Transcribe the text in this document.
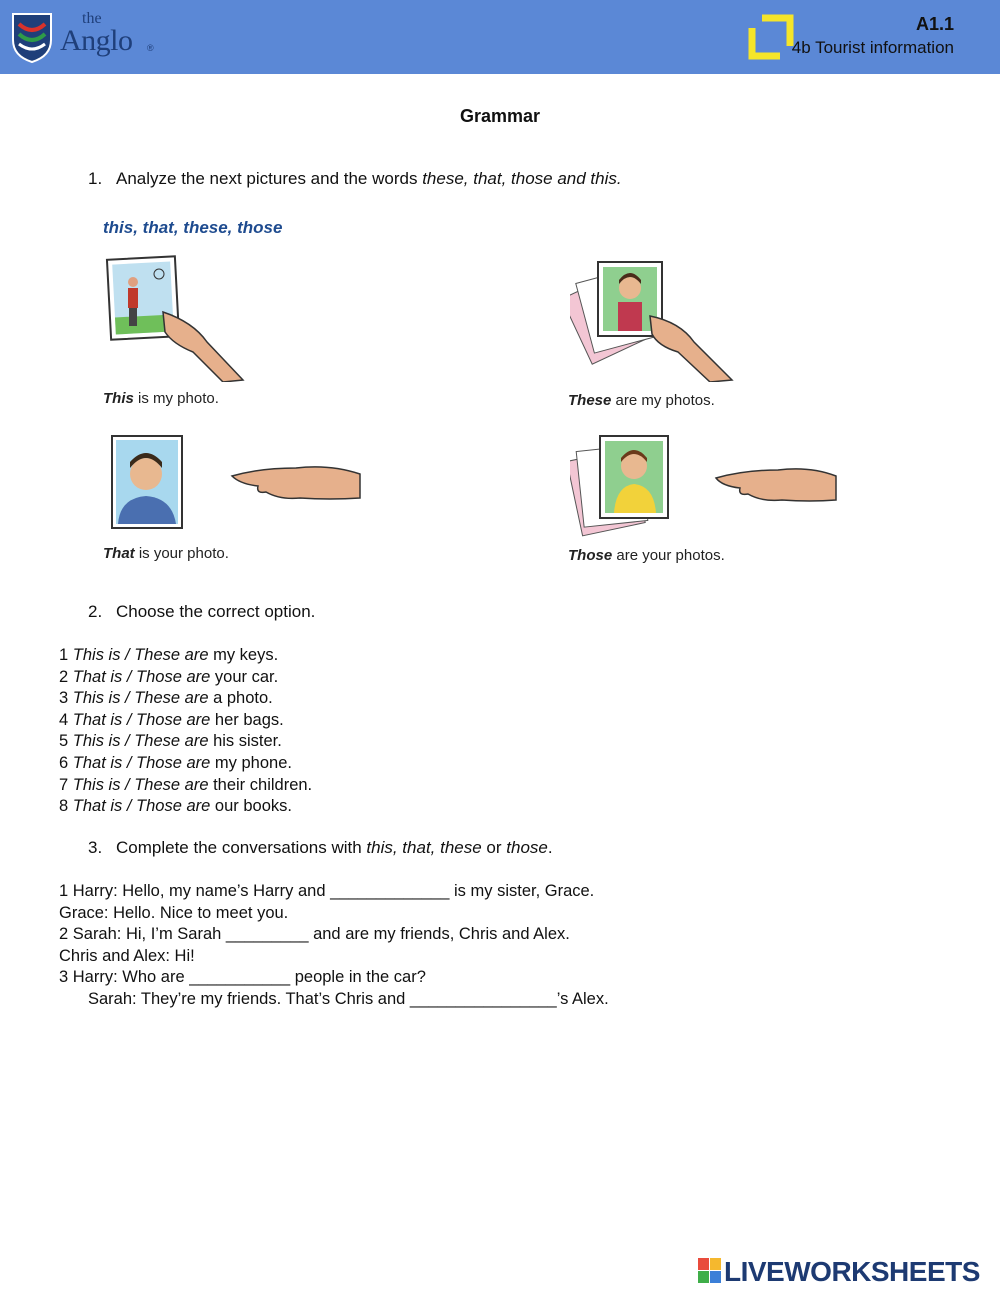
the
Anglo ®
A1.1
4b Tourist information
Grammar
1. Analyze the next pictures and the words these, that, those and this.
this, that, these, those
This is my photo.	These are my photos.
That is your photo.	Those are your photos.
2. Choose the correct option.
1 This is / These are my keys.
2 That is / Those are your car.
3 This is / These are a photo.
4 That is / Those are her bags.
5 This is / These are his sister.
6 That is / Those are my phone.
7 This is / These are their children.
8 That is / Those are our books.
3. Complete the conversations with this, that, these or those.
1 Harry: Hello, my name’s Harry and _____________ is my sister, Grace.
Grace: Hello. Nice to meet you.
2 Sarah: Hi, I’m Sarah _________ and are my friends, Chris and Alex.
Chris and Alex: Hi!
3 Harry: Who are ___________ people in the car?
Sarah: They’re my friends. That’s Chris and ________________’s Alex.
LIVEWORKSHEETS
